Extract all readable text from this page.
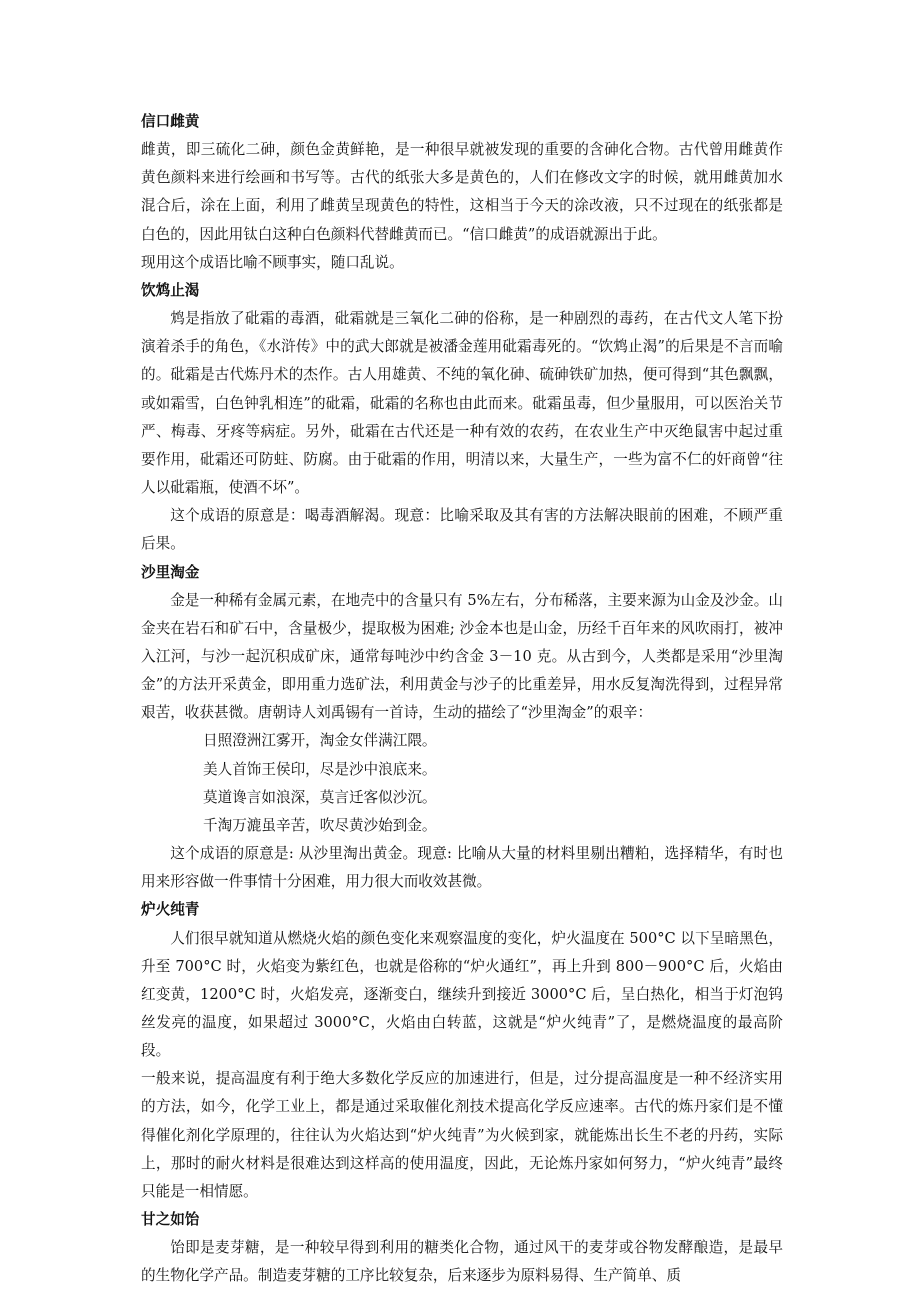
信口雌黄

雌黄，即三硫化二砷，颜色金黄鲜艳，是一种很早就被发现的重要的含砷化合物。古代曾用雌黄作黄色颜料来进行绘画和书写等。古代的纸张大多是黄色的，人们在修改文字的时候，就用雌黄加水混合后，涂在上面，利用了雌黄呈现黄色的特性，这相当于今天的涂改液，只不过现在的纸张都是白色的，因此用钛白这种白色颜料代替雌黄而已。“信口雌黄”的成语就源出于此。

现用这个成语比喻不顾事实，随口乱说。

饮鸩止渴

鸩是指放了砒霜的毒酒，砒霜就是三氧化二砷的俗称，是一种剧烈的毒药，在古代文人笔下扮演着杀手的角色，《水浒传》中的武大郎就是被潘金莲用砒霜毒死的。“饮鸩止渴”的后果是不言而喻的。砒霜是古代炼丹术的杰作。古人用雄黄、不纯的氧化砷、硫砷铁矿加热，便可得到“其色飘飘，或如霜雪，白色钟乳相连”的砒霜，砒霜的名称也由此而来。砒霜虽毒，但少量服用，可以医治关节严、梅毒、牙疼等病症。另外，砒霜在古代还是一种有效的农药，在农业生产中灭绝鼠害中起过重要作用，砒霜还可防蛀、防腐。由于砒霜的作用，明清以来，大量生产，一些为富不仁的奸商曾“往人以砒霜瓶，使酒不坏”。

这个成语的原意是：喝毒酒解渴。现意：比喻采取及其有害的方法解决眼前的困难，不顾严重后果。

沙里淘金

金是一种稀有金属元素，在地壳中的含量只有 5%左右，分布稀落，主要来源为山金及沙金。山金夹在岩石和矿石中，含量极少，提取极为困难; 沙金本也是山金，历经千百年来的风吹雨打，被冲入江河，与沙一起沉积成矿床，通常每吨沙中约含金 3－10 克。从古到今，人类都是采用“沙里淘金”的方法开采黄金，即用重力选矿法，利用黄金与沙子的比重差异，用水反复淘洗得到，过程异常艰苦，收获甚微。唐朝诗人刘禹锡有一首诗，生动的描绘了“沙里淘金”的艰辛：

日照澄洲江雾开，淘金女伴满江隈。

美人首饰王侯印，尽是沙中浪底来。

莫道谗言如浪深，莫言迁客似沙沉。

千淘万漉虽辛苦，吹尽黄沙始到金。

这个成语的原意是: 从沙里淘出黄金。现意: 比喻从大量的材料里剔出糟粕，选择精华，有时也用来形容做一件事情十分困难，用力很大而收效甚微。

炉火纯青

人们很早就知道从燃烧火焰的颜色变化来观察温度的变化，炉火温度在 500°C 以下呈暗黑色，升至 700°C 时，火焰变为紫红色，也就是俗称的“炉火通红”，再上升到 800－900°C 后，火焰由红变黄，1200°C 时，火焰发亮，逐渐变白，继续升到接近 3000°C 后，呈白热化，相当于灯泡钨丝发亮的温度，如果超过 3000°C，火焰由白转蓝，这就是“炉火纯青”了，是燃烧温度的最高阶段。

一般来说，提高温度有利于绝大多数化学反应的加速进行，但是，过分提高温度是一种不经济实用的方法，如今，化学工业上，都是通过采取催化剂技术提高化学反应速率。古代的炼丹家们是不懂得催化剂化学原理的，往往认为火焰达到“炉火纯青”为火候到家，就能炼出长生不老的丹药，实际上，那时的耐火材料是很难达到这样高的使用温度，因此，无论炼丹家如何努力，“炉火纯青”最终只能是一相情愿。

甘之如饴

饴即是麦芽糖，是一种较早得到利用的糖类化合物，通过风干的麦芽或谷物发酵酿造，是最早的生物化学产品。制造麦芽糖的工序比较复杂，后来逐步为原料易得、生产简单、质
